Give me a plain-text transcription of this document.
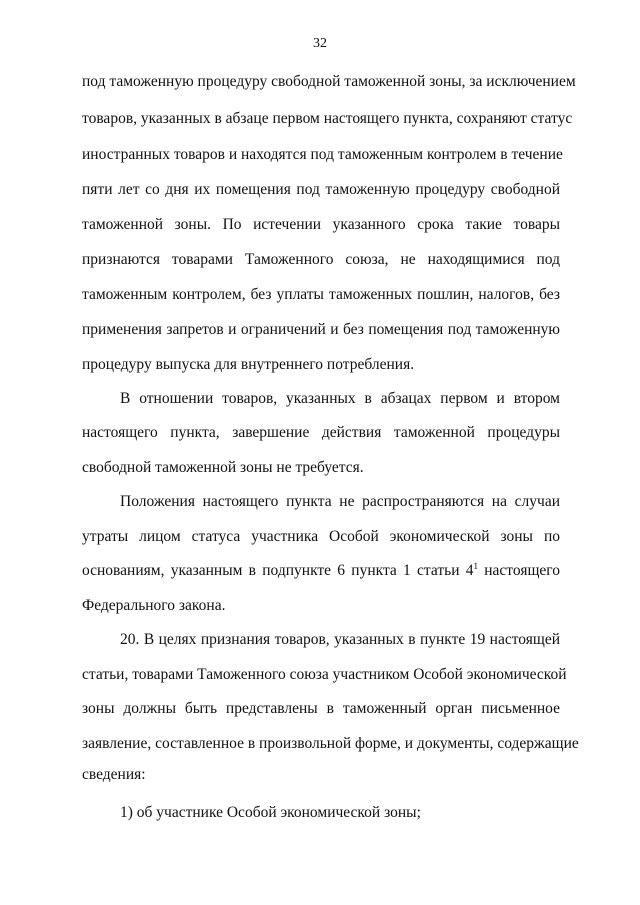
32
под таможенную процедуру свободной таможенной зоны, за исключением
товаров, указанных в абзаце первом настоящего пункта, сохраняют статус
иностранных товаров и находятся под таможенным контролем в течение
пяти лет со дня их помещения под таможенную процедуру свободной
таможенной зоны. По истечении указанного срока такие товары
признаются товарами Таможенного союза, не находящимися под
таможенным контролем, без уплаты таможенных пошлин, налогов, без
применения запретов и ограничений и без помещения под таможенную
процедуру выпуска для внутреннего потребления.
В отношении товаров, указанных в абзацах первом и втором
настоящего пункта, завершение действия таможенной процедуры
свободной таможенной зоны не требуется.
Положения настоящего пункта не распространяются на случаи
утраты лицом статуса участника Особой экономической зоны по
основаниям, указанным в подпункте 6 пункта 1 статьи $4^1$ настоящего
Федерального закона.
20. В целях признания товаров, указанных в пункте 19 настоящей
статьи, товарами Таможенного союза участником Особой экономической
зоны должны быть представлены в таможенный орган письменное
заявление, составленное в произвольной форме, и документы, содержащие
сведения:
1) об участнике Особой экономической зоны;
